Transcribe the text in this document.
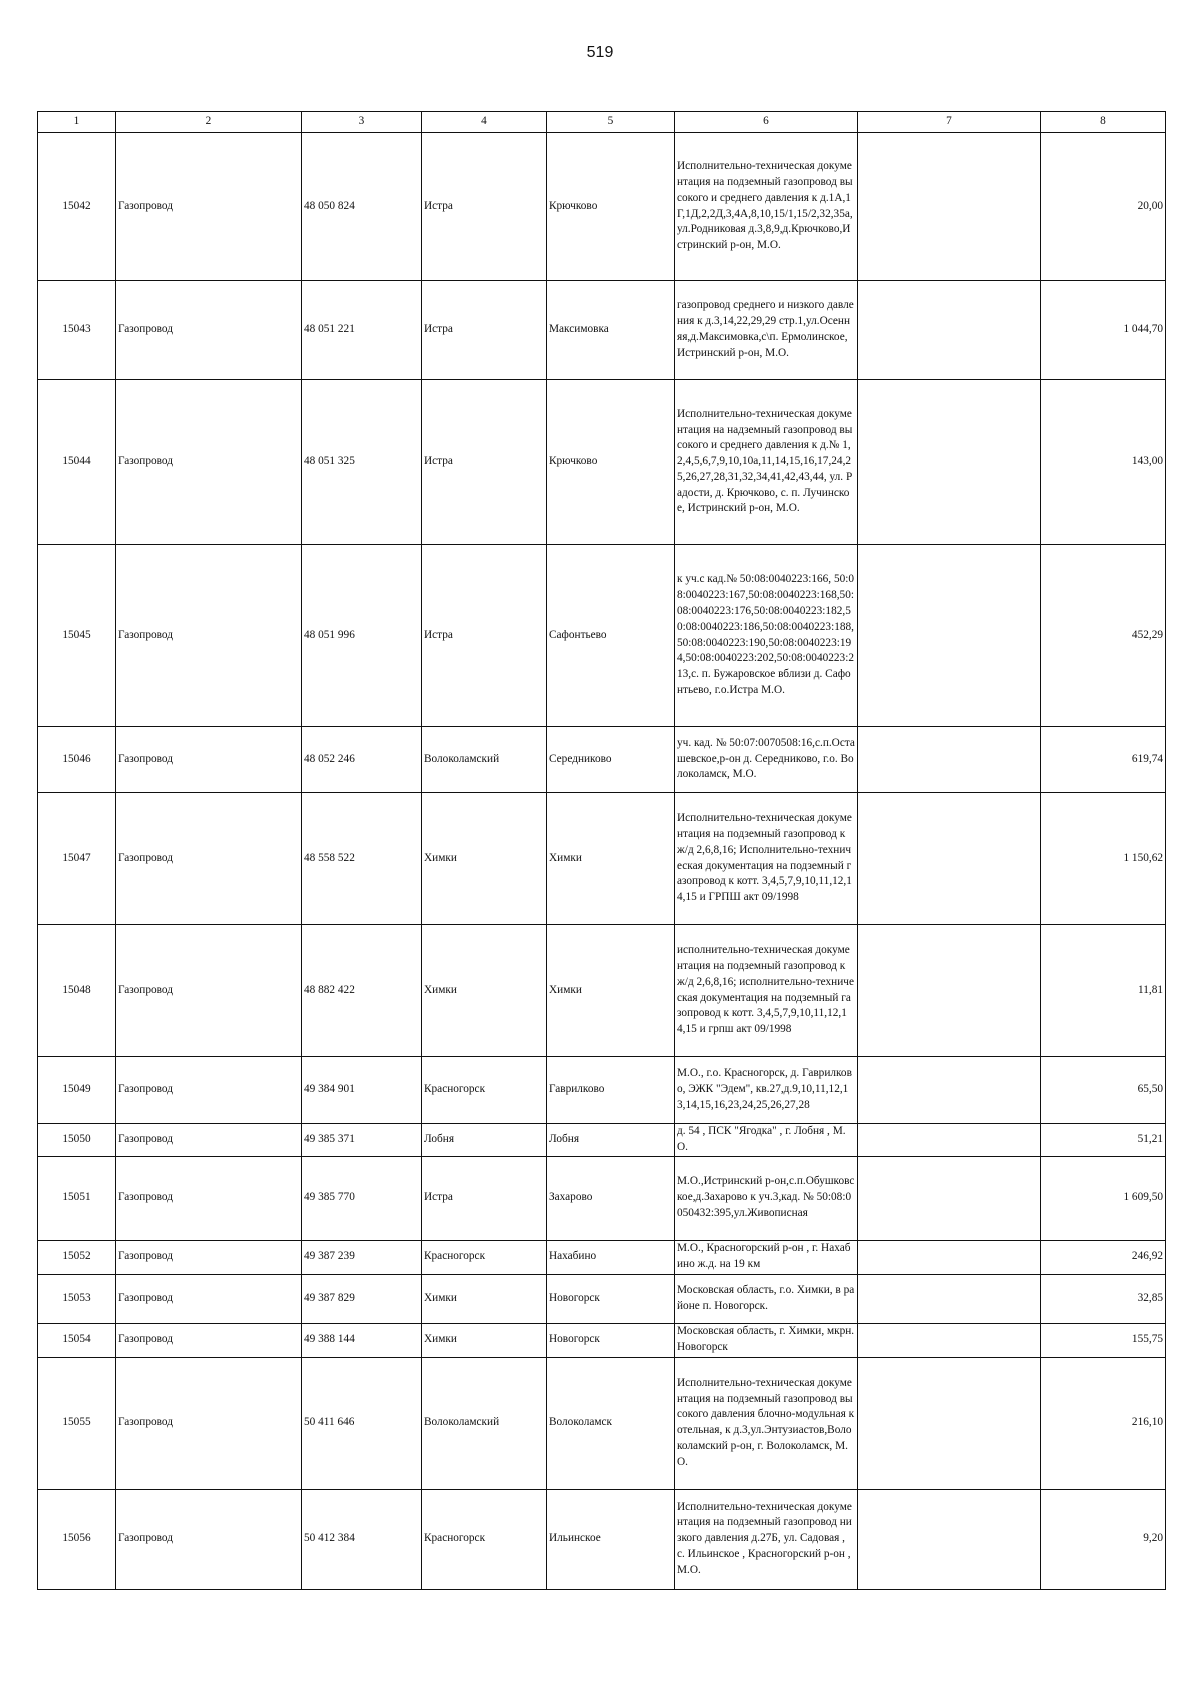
519
1	2	3	4	5	6	7	8
15042	Газопровод	48 050 824	Истра	Крючково	Исполнительно-техническая документация на подземный газопровод высокого и среднего давления к д.1А,1Г,1Д,2,2Д,3,4А,8,10,15/1,15/2,32,35а,ул.Родниковая д.3,8,9,д.Крючково,Истринский р-он, М.О.		20,00
15043	Газопровод	48 051 221	Истра	Максимовка	газопровод среднего и низкого давления к д.3,14,22,29,29 стр.1,ул.Осенняя,д.Максимовка,с\п. Ермолинское, Истринский р-он, М.О.		1 044,70
15044	Газопровод	48 051 325	Истра	Крючково	Исполнительно-техническая документация на надземный газопровод высокого и среднего давления к д.№ 1,2,4,5,6,7,9,10,10а,11,14,15,16,17,24,25,26,27,28,31,32,34,41,42,43,44, ул. Радости, д. Крючково, с. п. Лучинское, Истринский р-он, М.О.		143,00
15045	Газопровод	48 051 996	Истра	Сафонтьево	к уч.с кад.№ 50:08:0040223:166, 50:08:0040223:167,50:08:0040223:168,50:08:0040223:176,50:08:0040223:182,50:08:0040223:186,50:08:0040223:188,50:08:0040223:190,50:08:0040223:194,50:08:0040223:202,50:08:0040223:213,с. п. Бужаровское вблизи д. Сафонтьево, г.о.Истра М.О.		452,29
15046	Газопровод	48 052 246	Волоколамский	Середниково	уч. кад. № 50:07:0070508:16,с.п.Осташевское,р-он д. Середниково, г.о. Волоколамск, М.О.		619,74
15047	Газопровод	48 558 522	Химки	Химки	Исполнительно-техническая документация на подземный газопровод к ж/д 2,6,8,16; Исполнительно-техническая документация на подземный газопровод к котт. 3,4,5,7,9,10,11,12,14,15 и ГРПШ акт 09/1998		1 150,62
15048	Газопровод	48 882 422	Химки	Химки	исполнительно-техническая документация на подземный газопровод к ж/д 2,6,8,16; исполнительно-техническая документация на подземный газопровод к котт. 3,4,5,7,9,10,11,12,14,15 и грпш акт 09/1998		11,81
15049	Газопровод	49 384 901	Красногорск	Гаврилково	М.О., г.о. Красногорск, д. Гаврилково, ЭЖК "Эдем", кв.27,д.9,10,11,12,13,14,15,16,23,24,25,26,27,28		65,50
15050	Газопровод	49 385 371	Лобня	Лобня	д. 54 , ПСК "Ягодка" , г. Лобня , М.О.		51,21
15051	Газопровод	49 385 770	Истра	Захарово	М.О.,Истринский р-он,с.п.Обушковское,д.Захарово к уч.3,кад. № 50:08:0050432:395,ул.Живописная		1 609,50
15052	Газопровод	49 387 239	Красногорск	Нахабино	М.О., Красногорский р-он , г. Нахабино ж.д. на 19 км		246,92
15053	Газопровод	49 387 829	Химки	Новогорск	Московская область, г.о. Химки, в районе п. Новогорск.		32,85
15054	Газопровод	49 388 144	Химки	Новогорск	Московская область, г. Химки, мкрн. Новогорск		155,75
15055	Газопровод	50 411 646	Волоколамский	Волоколамск	Исполнительно-техническая документация на подземный газопровод высокого давления блочно-модульная котельная, к д.3,ул.Энтузиастов,Волоколамский р-он, г. Волоколамск, М.О.		216,10
15056	Газопровод	50 412 384	Красногорск	Ильинское	Исполнительно-техническая документация на подземный газопровод низкого давления д.27Б, ул. Садовая , с. Ильинское , Красногорский р-он , М.О.		9,20
